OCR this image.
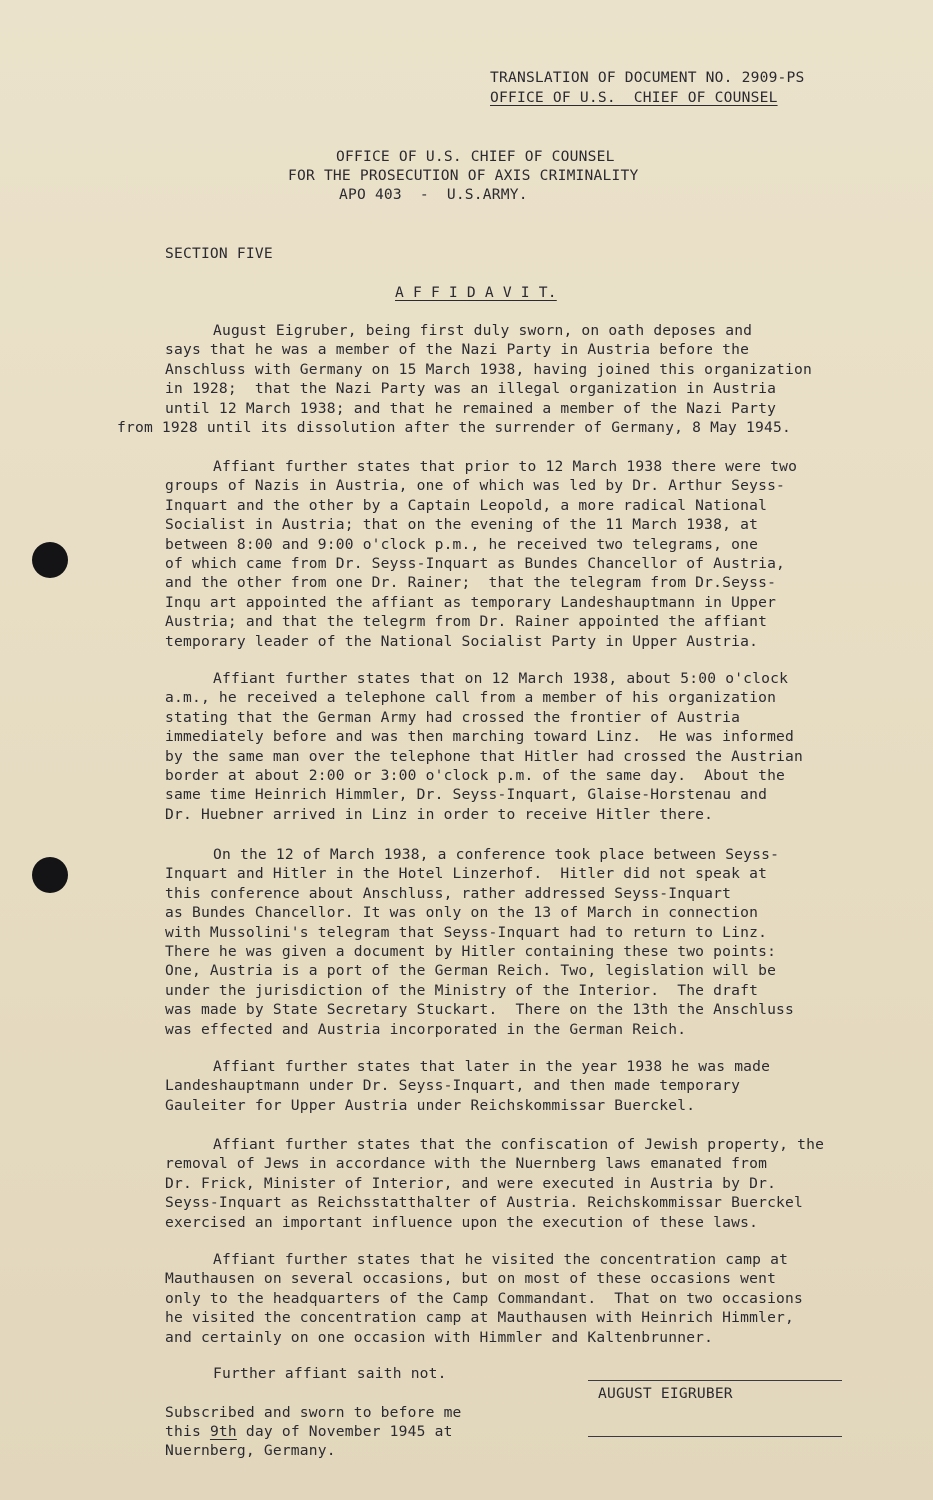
TRANSLATION OF DOCUMENT NO. 2909-PS
OFFICE OF U.S.  CHIEF OF COUNSEL
OFFICE OF U.S. CHIEF OF COUNSEL
FOR THE PROSECUTION OF AXIS CRIMINALITY
APO 403  -  U.S.ARMY.
SECTION FIVE
A F F I D A V I T.
August Eigruber, being first duly sworn, on oath deposes and
says that he was a member of the Nazi Party in Austria before the
Anschluss with Germany on 15 March 1938, having joined this organization
in 1928;  that the Nazi Party was an illegal organization in Austria
until 12 March 1938; and that he remained a member of the Nazi Party
from 1928 until its dissolution after the surrender of Germany, 8 May 1945.
Affiant further states that prior to 12 March 1938 there were two
groups of Nazis in Austria, one of which was led by Dr. Arthur Seyss-
Inquart and the other by a Captain Leopold, a more radical National
Socialist in Austria; that on the evening of the 11 March 1938, at
between 8:00 and 9:00 o'clock p.m., he received two telegrams, one
of which came from Dr. Seyss-Inquart as Bundes Chancellor of Austria,
and the other from one Dr. Rainer;  that the telegram from Dr.Seyss-
Inqu art appointed the affiant as temporary Landeshauptmann in Upper
Austria; and that the telegrm from Dr. Rainer appointed the affiant
temporary leader of the National Socialist Party in Upper Austria.
Affiant further states that on 12 March 1938, about 5:00 o'clock
a.m., he received a telephone call from a member of his organization
stating that the German Army had crossed the frontier of Austria
immediately before and was then marching toward Linz.  He was informed
by the same man over the telephone that Hitler had crossed the Austrian
border at about 2:00 or 3:00 o'clock p.m. of the same day.  About the
same time Heinrich Himmler, Dr. Seyss-Inquart, Glaise-Horstenau and
Dr. Huebner arrived in Linz in order to receive Hitler there.
On the 12 of March 1938, a conference took place between Seyss-
Inquart and Hitler in the Hotel Linzerhof.  Hitler did not speak at
this conference about Anschluss, rather addressed Seyss-Inquart
as Bundes Chancellor. It was only on the 13 of March in connection
with Mussolini's telegram that Seyss-Inquart had to return to Linz.
There he was given a document by Hitler containing these two points:
One, Austria is a port of the German Reich. Two, legislation will be
under the jurisdiction of the Ministry of the Interior.  The draft
was made by State Secretary Stuckart.  There on the 13th the Anschluss
was effected and Austria incorporated in the German Reich.
Affiant further states that later in the year 1938 he was made
Landeshauptmann under Dr. Seyss-Inquart, and then made temporary
Gauleiter for Upper Austria under Reichskommissar Buerckel.
Affiant further states that the confiscation of Jewish property, the
removal of Jews in accordance with the Nuernberg laws emanated from
Dr. Frick, Minister of Interior, and were executed in Austria by Dr.
Seyss-Inquart as Reichsstatthalter of Austria. Reichskommissar Buerckel
exercised an important influence upon the execution of these laws.
Affiant further states that he visited the concentration camp at
Mauthausen on several occasions, but on most of these occasions went
only to the headquarters of the Camp Commandant.  That on two occasions
he visited the concentration camp at Mauthausen with Heinrich Himmler,
and certainly on one occasion with Himmler and Kaltenbrunner.
Further affiant saith not.
AUGUST EIGRUBER
Subscribed and sworn to before me
this 9th day of November 1945 at
Nuernberg, Germany.
